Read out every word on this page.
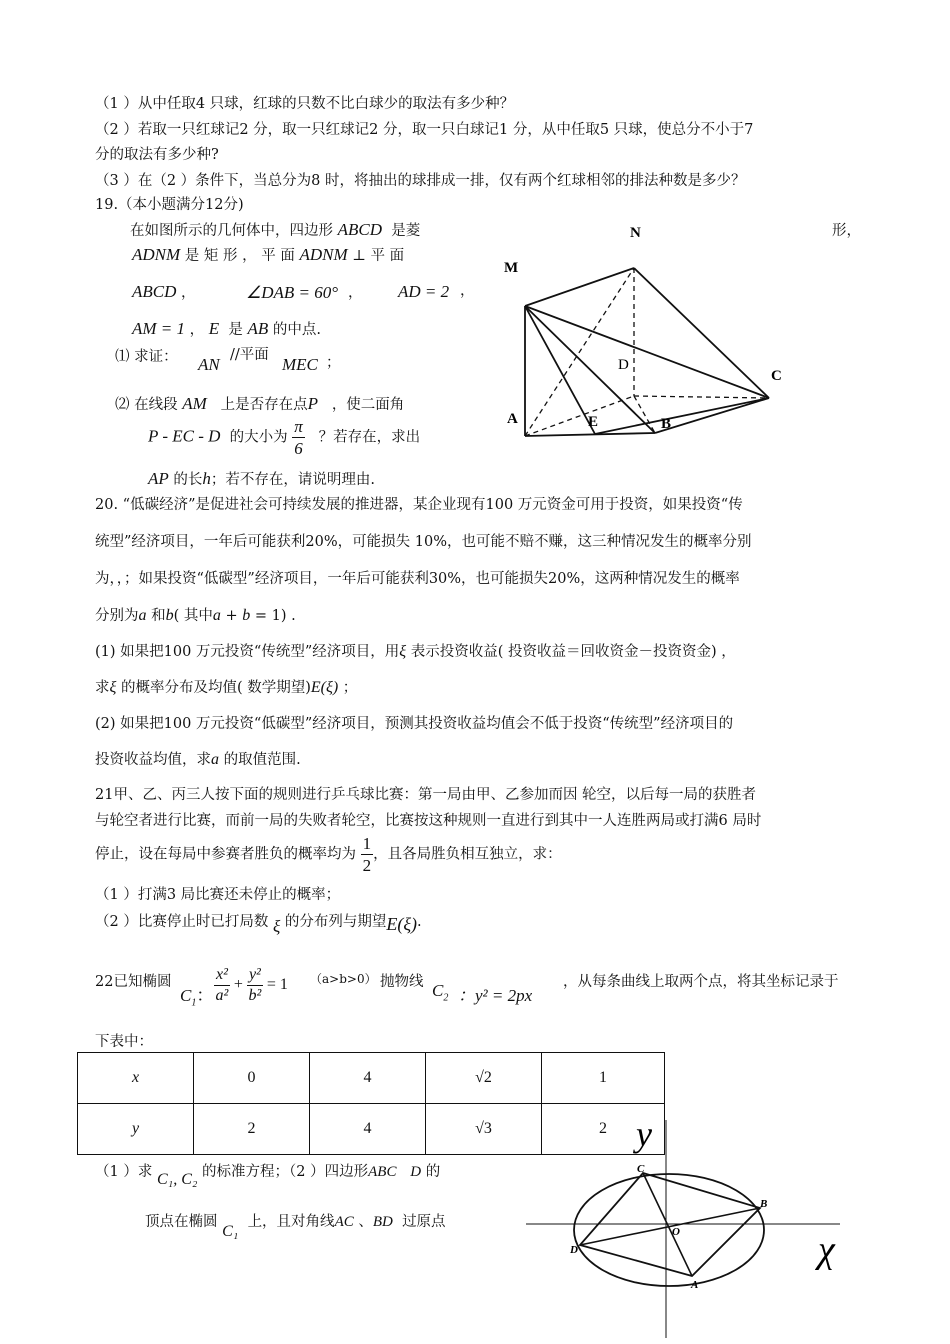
（1 ）从中任取4 只球，红球的只数不比白球少的取法有多少种？
（2 ）若取一只红球记2 分，取一只红球记2 分，取一只白球记1 分，从中任取5 只球，使总分不小于7
分的取法有多少种?
（3 ）在（2 ）条件下，当总分为8 时，将抽出的球排成一排，仅有两个红球相邻的排法种数是多少？
19.（本小题满分12分)
在如图所示的几何体中，四边形 ABCD 是菱	形，
ADNM 是 矩 形 ， 平 面 ADNM ⊥ 平 面
ABCD ，	∠DAB = 60° ， AD = 2 ，
AM = 1 ， E 是 AB 的中点.
⑴ 求证： AN //平面 MEC ；
⑵ 在线段 AM 上是否存在点P ，使二面角
P - EC - D 的大小为 $\frac{\pi}{6}$ ？若存在，求出
AP 的长h；若不存在，请说明理由.
N
M
D
C
A	E	B
20. “低碳经济”是促进社会可持续发展的推进器，某企业现有100 万元资金可用于投资，如果投资“传
统型”经济项目，一年后可能获利20%，可能损失 10%，也可能不赔不赚，这三种情况发生的概率分别
为，，；如果投资“低碳型”经济项目，一年后可能获利30%，也可能损失20%，这两种情况发生的概率
分别为a 和b( 其中a + b = 1) .
(1) 如果把100 万元投资“传统型”经济项目，用ξ 表示投资收益( 投资收益＝回收资金－投资资金) ，
求ξ 的概率分布及均值( 数学期望)E(ξ) ；
(2) 如果把100 万元投资“低碳型”经济项目，预测其投资收益均值会不低于投资“传统型”经济项目的
投资收益均值，求a 的取值范围.
21甲、乙、丙三人按下面的规则进行乒乓球比赛：第一局由甲、乙参加而因 轮空，以后每一局的获胜者
与轮空者进行比赛，而前一局的失败者轮空，比赛按这种规则一直进行到其中一人连胜两局或打满6 局时
停止，设在每局中参赛者胜负的概率均为 $\frac{1}{2}$ ，且各局胜负相互独立，求：
（1 ）打满3 局比赛还未停止的概率；
（2 ）比赛停止时已打局数 ξ 的分布列与期望E(ξ).
22已知椭圆
$C_1$： $\frac{\text{x²}}{\text{a²}} + \frac{\text{y²}}{\text{b²}} = 1$ （a>b>0） 抛物线 $C_2$ ：y² = 2px
，从每条曲线上取两个点，将其坐标记录于
下表中：
x	0	4	√2	1
y	2	4	√3	2
（1 ）求 C₁, C₂ 的标准方程；（2 ）四边形ABC D 的
顶点在椭圆 C₁  上，且对角线AC 、BD 过原点
y
χ
C
B
O
D
A
